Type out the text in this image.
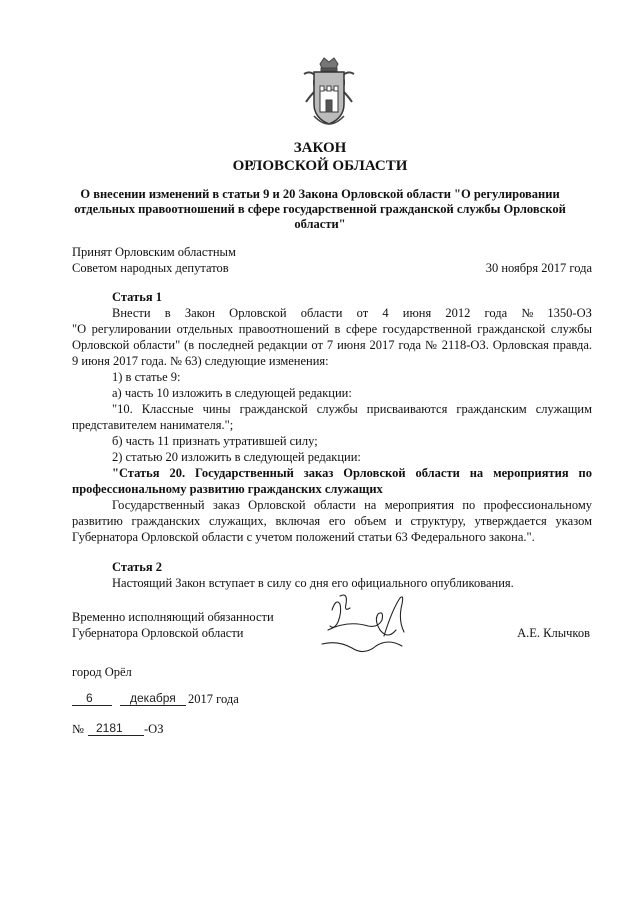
ЗАКОН
ОРЛОВСКОЙ ОБЛАСТИ
О внесении изменений в статьи 9 и 20 Закона Орловской области "О регулировании
отдельных правоотношений в сфере государственной гражданской службы Орловской
области"
Принят Орловским областным
Советом народных депутатов	30 ноября 2017 года
Статья 1
Внести в Закон Орловской области от 4 июня 2012 года № 1350-ОЗ
"О регулировании отдельных правоотношений в сфере государственной гражданской службы
Орловской области" (в последней редакции от 7 июня 2017 года № 2118-ОЗ. Орловская правда.
9 июня 2017 года. № 63) следующие изменения:
1) в статье 9:
а) часть 10 изложить в следующей редакции:
"10. Классные чины гражданской службы присваиваются гражданским служащим
представителем нанимателя.";
б) часть 11 признать утратившей силу;
2) статью 20 изложить в следующей редакции:
"Статья 20. Государственный заказ Орловской области на мероприятия по
профессиональному развитию гражданских служащих
Государственный заказ Орловской области на мероприятия по профессиональному
развитию гражданских служащих, включая его объем и структуру, утверждается указом
Губернатора Орловской области с учетом положений статьи 63 Федерального закона.".
Статья 2
Настоящий Закон вступает в силу со дня его официального опубликования.
Временно исполняющий обязанности
Губернатора Орловской области	А.Е. Клычков
город Орёл
6	декабря 2017 года
№ 2181 -ОЗ
